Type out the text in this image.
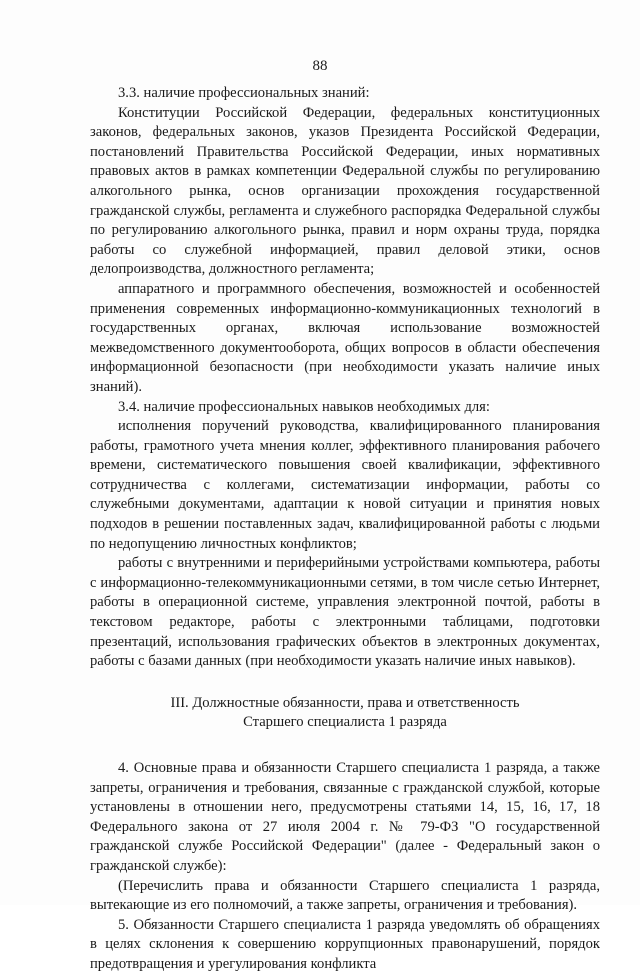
88

3.3. наличие профессиональных знаний:

Конституции Российской Федерации, федеральных конституционных законов, федеральных законов, указов Президента Российской Федерации, постановлений Правительства Российской Федерации, иных нормативных правовых актов в рамках компетенции Федеральной службы по регулированию алкогольного рынка, основ организации прохождения государственной гражданской службы, регламента и служебного распорядка Федеральной службы по регулированию алкогольного рынка, правил и норм охраны труда, порядка работы со служебной информацией, правил деловой этики, основ делопроизводства, должностного регламента;

аппаратного и программного обеспечения, возможностей и особенностей применения современных информационно-коммуникационных технологий в государственных органах, включая использование возможностей межведомственного документооборота, общих вопросов в области обеспечения информационной безопасности (при необходимости указать наличие иных знаний).

3.4. наличие профессиональных навыков необходимых для:

исполнения поручений руководства, квалифицированного планирования работы, грамотного учета мнения коллег, эффективного планирования рабочего времени, систематического повышения своей квалификации, эффективного сотрудничества с коллегами, систематизации информации, работы со служебными документами, адаптации к новой ситуации и принятия новых подходов в решении поставленных задач, квалифицированной работы с людьми по недопущению личностных конфликтов;

работы с внутренними и периферийными устройствами компьютера, работы с информационно-телекоммуникационными сетями, в том числе сетью Интернет, работы в операционной системе, управления электронной почтой, работы в текстовом редакторе, работы с электронными таблицами, подготовки презентаций, использования графических объектов в электронных документах, работы с базами данных (при необходимости указать наличие иных навыков).

III. Должностные обязанности, права и ответственность
Старшего специалиста 1 разряда

4. Основные права и обязанности Старшего специалиста 1 разряда, а также запреты, ограничения и требования, связанные с гражданской службой, которые установлены в отношении него, предусмотрены статьями 14, 15, 16, 17, 18 Федерального закона от 27 июля 2004 г. № 79-ФЗ "О государственной гражданской службе Российской Федерации" (далее - Федеральный закон о гражданской службе):

(Перечислить права и обязанности Старшего специалиста 1 разряда, вытекающие из его полномочий, а также запреты, ограничения и требования).

5. Обязанности Старшего специалиста 1 разряда уведомлять об обращениях в целях склонения к совершению коррупционных правонарушений, порядок предотвращения и урегулирования конфликта
